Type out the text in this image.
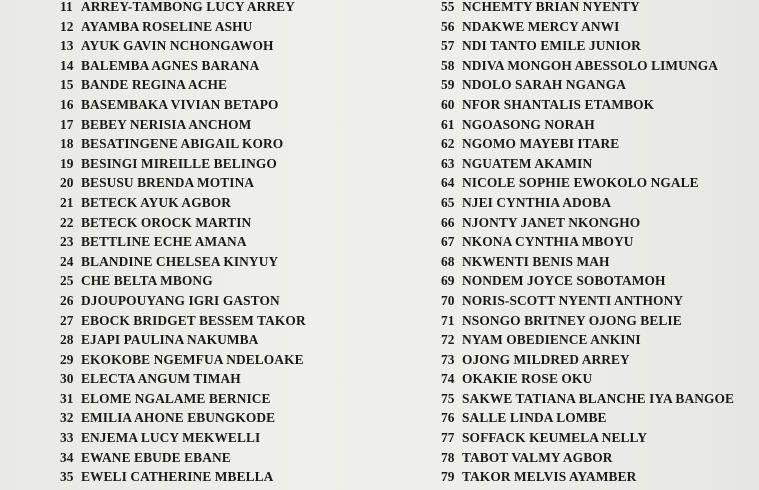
11 ARREY-TAMBONG LUCY ARREY
12 AYAMBA ROSELINE ASHU
13 AYUK GAVIN NCHONGAWOH
14 BALEMBA AGNES BARANA
15 BANDE REGINA ACHE
16 BASEMBAKA VIVIAN BETAPO
17 BEBEY NERISIA ANCHOM
18 BESATINGENE ABIGAIL KORO
19 BESINGI MIREILLE BELINGO
20 BESUSU BRENDA MOTINA
21 BETECK AYUK AGBOR
22 BETECK OROCK MARTIN
23 BETTLINE ECHE AMANA
24 BLANDINE CHELSEA KINYUY
25 CHE BELTA MBONG
26 DJOUPOUYANG IGRI GASTON
27 EBOCK BRIDGET BESSEM TAKOR
28 EJAPI PAULINA NAKUMBA
29 EKOKOBE NGEMFUA NDELOAKE
30 ELECTA ANGUM TIMAH
31 ELOME NGALAME BERNICE
32 EMILIA AHONE EBUNGKODE
33 ENJEMA LUCY MEKWELLI
34 EWANE EBUDE EBANE
35 EWELI CATHERINE MBELLA
55 NCHEMTY BRIAN NYENTY
56 NDAKWE MERCY ANWI
57 NDI TANTO EMILE JUNIOR
58 NDIVA MONGOH ABESSOLO LIMUNGA
59 NDOLO SARAH NGANGA
60 NFOR SHANTALIS ETAMBOK
61 NGOASONG NORAH
62 NGOMO MAYEBI ITARE
63 NGUATEM AKAMIN
64 NICOLE SOPHIE EWOKOLO NGALE
65 NJEI CYNTHIA ADOBA
66 NJONTY JANET NKONGHO
67 NKONA CYNTHIA MBOYU
68 NKWENTI BENIS MAH
69 NONDEM JOYCE SOBOTAMOH
70 NORIS-SCOTT NYENTI ANTHONY
71 NSONGO BRITNEY OJONG BELIE
72 NYAM OBEDIENCE ANKINI
73 OJONG MILDRED ARREY
74 OKAKIE ROSE OKU
75 SAKWE TATIANA BLANCHE IYA BANGOE
76 SALLE LINDA LOMBE
77 SOFFACK KEUMELA NELLY
78 TABOT VALMY AGBOR
79 TAKOR MELVIS AYAMBER
